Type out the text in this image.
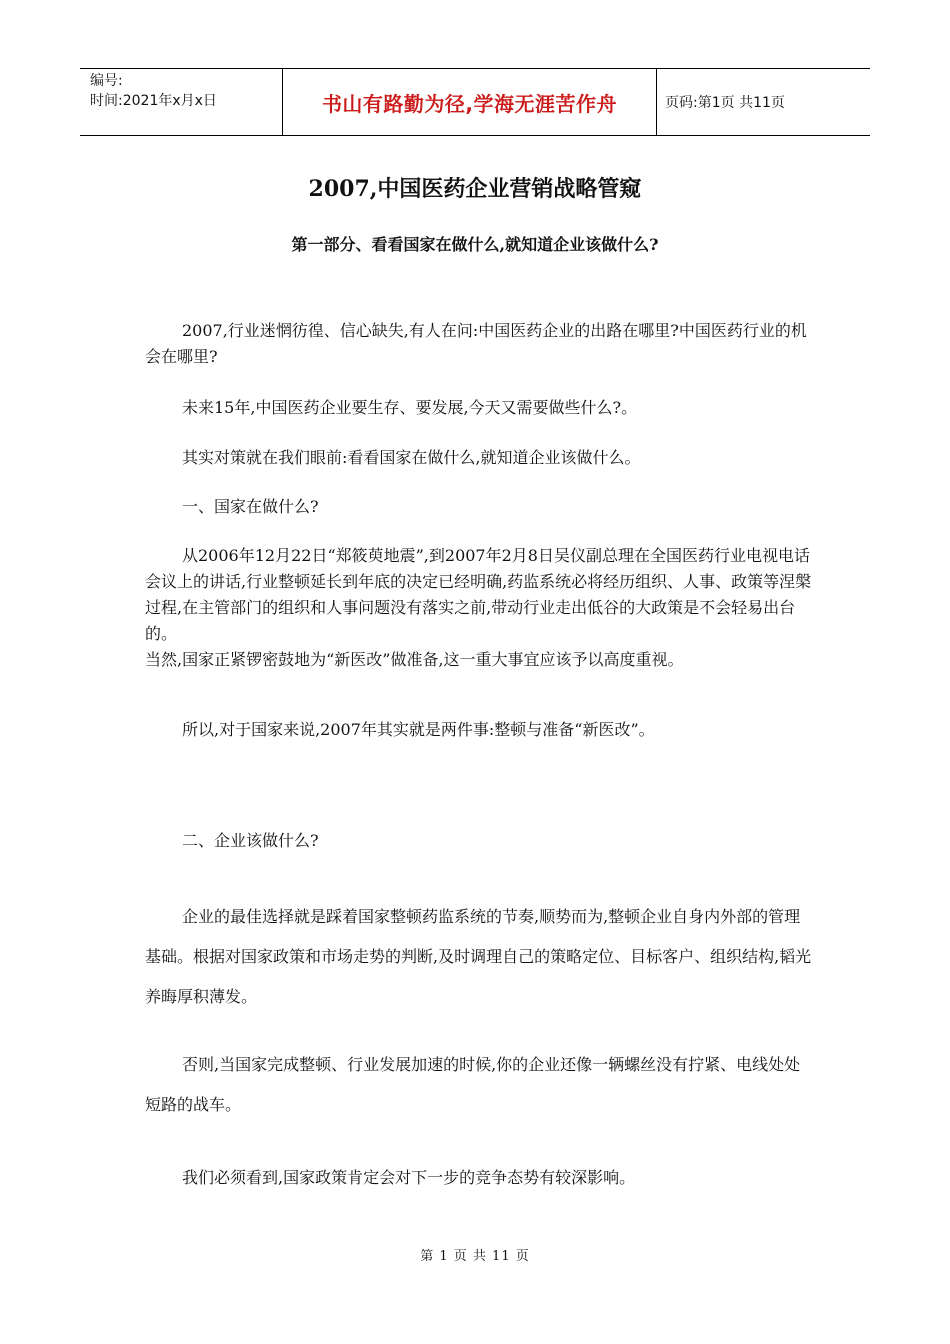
编号:
时间:2021年x月x日	书山有路勤为径,学海无涯苦作舟	页码:第1页 共11页
2007,中国医药企业营销战略管窥
第一部分、看看国家在做什么,就知道企业该做什么?

2007,行业迷惘彷徨、信心缺失,有人在问:中国医药企业的出路在哪里?中国医药行业的机会在哪里?

未来15年,中国医药企业要生存、要发展,今天又需要做些什么?。

其实对策就在我们眼前:看看国家在做什么,就知道企业该做什么。

一、国家在做什么?

从2006年12月22日“郑筱萸地震”,到2007年2月8日吴仪副总理在全国医药行业电视电话会议上的讲话,行业整顿延长到年底的决定已经明确,药监系统必将经历组织、人事、政策等涅槃过程,在主管部门的组织和人事问题没有落实之前,带动行业走出低谷的大政策是不会轻易出台的。

当然,国家正紧锣密鼓地为“新医改”做准备,这一重大事宜应该予以高度重视。

所以,对于国家来说,2007年其实就是两件事:整顿与准备“新医改”。

二、企业该做什么?

企业的最佳选择就是踩着国家整顿药监系统的节奏,顺势而为,整顿企业自身内外部的管理基础。根据对国家政策和市场走势的判断,及时调理自己的策略定位、目标客户、组织结构,韬光养晦厚积薄发。

否则,当国家完成整顿、行业发展加速的时候,你的企业还像一辆螺丝没有拧紧、电线处处短路的战车。

我们必须看到,国家政策肯定会对下一步的竞争态势有较深影响。

第 1 页 共 11 页
